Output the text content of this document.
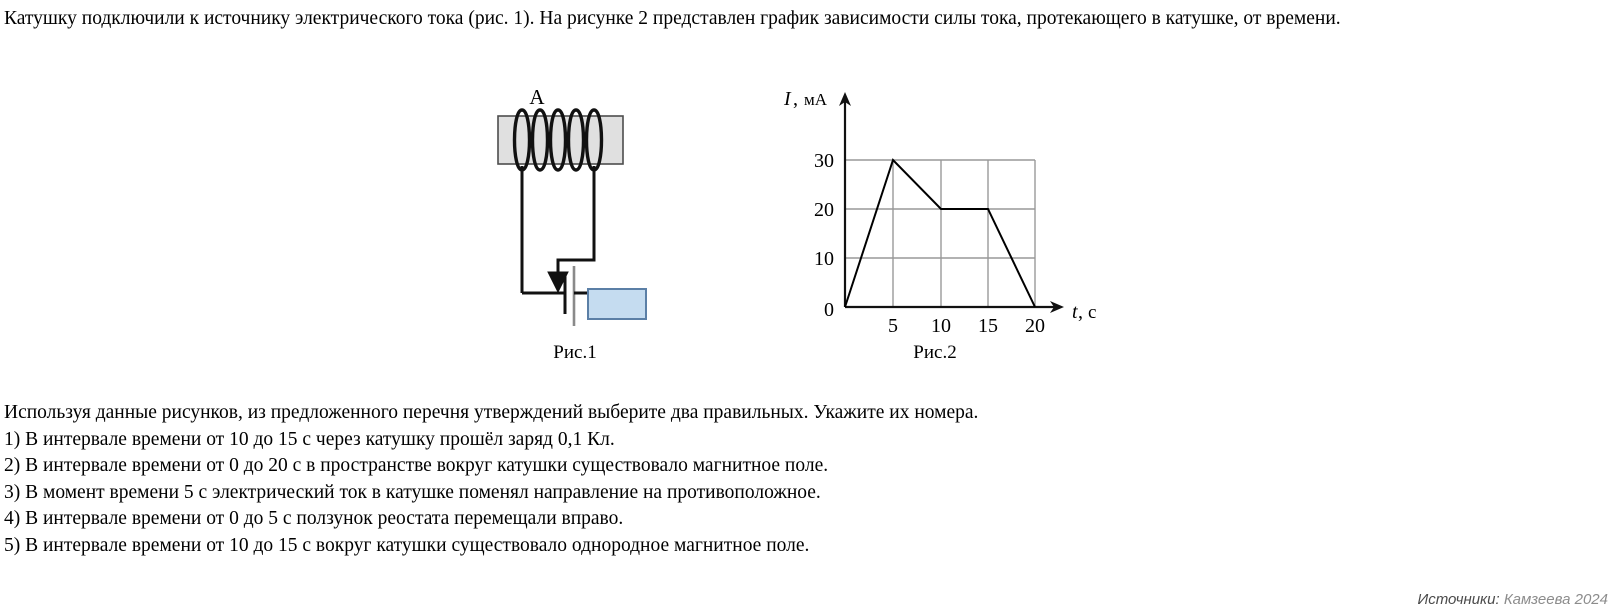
Катушку подключили к источнику электрического тока (рис. 1). На рисунке 2 представлен график зависимости силы тока, протекающего в катушке, от времени.
A
Рис.1
I , мА
30
20
10
0
5 10 15 20
t , с
Рис.2
Используя данные рисунков, из предложенного перечня утверждений выберите два правильных. Укажите их номера.
1) В интервале времени от 10 до 15 с через катушку прошёл заряд 0,1 Кл.
2) В интервале времени от 0 до 20 с в пространстве вокруг катушки существовало магнитное поле.
3) В момент времени 5 с электрический ток в катушке поменял направление на противоположное.
4) В интервале времени от 0 до 5 с ползунок реостата перемещали вправо.
5) В интервале времени от 10 до 15 с вокруг катушки существовало однородное магнитное поле.
Источники: Камзеева 2024
